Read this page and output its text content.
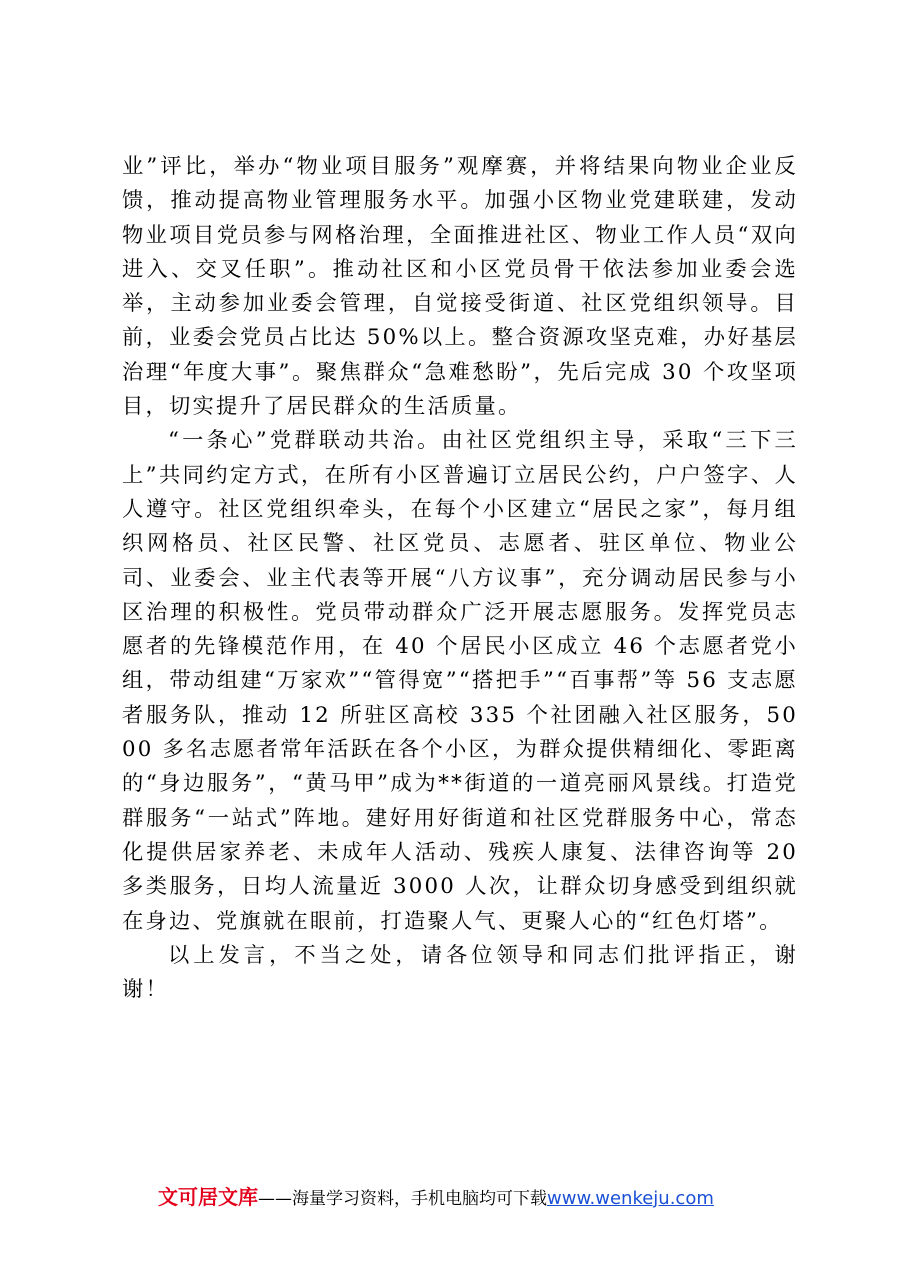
业”评比，举办“物业项目服务”观摩赛，并将结果向物业企业反馈，推动提高物业管理服务水平。加强小区物业党建联建，发动物业项目党员参与网格治理，全面推进社区、物业工作人员“双向进入、交叉任职”。推动社区和小区党员骨干依法参加业委会选举，主动参加业委会管理，自觉接受街道、社区党组织领导。目前，业委会党员占比达 50%以上。整合资源攻坚克难，办好基层治理“年度大事”。聚焦群众“急难愁盼”，先后完成 30 个攻坚项目，切实提升了居民群众的生活质量。

“一条心”党群联动共治。由社区党组织主导，采取“三下三上”共同约定方式，在所有小区普遍订立居民公约，户户签字、人人遵守。社区党组织牵头，在每个小区建立“居民之家”，每月组织网格员、社区民警、社区党员、志愿者、驻区单位、物业公司、业委会、业主代表等开展“八方议事”，充分调动居民参与小区治理的积极性。党员带动群众广泛开展志愿服务。发挥党员志愿者的先锋模范作用，在 40 个居民小区成立 46 个志愿者党小组，带动组建“万家欢”“管得宽”“搭把手”“百事帮”等 56 支志愿者服务队，推动 12 所驻区高校 335 个社团融入社区服务，5000 多名志愿者常年活跃在各个小区，为群众提供精细化、零距离的“身边服务”，“黄马甲”成为**街道的一道亮丽风景线。打造党群服务“一站式”阵地。建好用好街道和社区党群服务中心，常态化提供居家养老、未成年人活动、残疾人康复、法律咨询等 20 多类服务，日均人流量近 3000 人次，让群众切身感受到组织就在身边、党旗就在眼前，打造聚人气、更聚人心的“红色灯塔”。

以上发言，不当之处，请各位领导和同志们批评指正，谢谢！

文可居文库——海量学习资料，手机电脑均可下载www.wenkeju.com
